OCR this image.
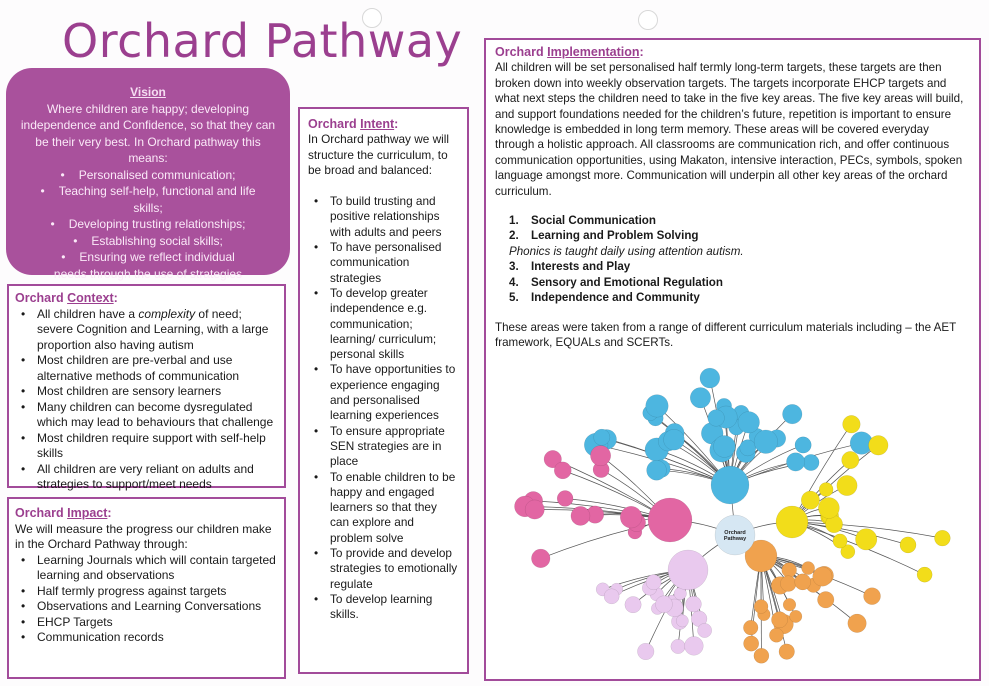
Orchard Pathway
Vision
Where children are happy; developing
independence and Confidence, so that they can
be their very best. In Orchard pathway this
means:
• Personalised communication;
• Teaching self-help, functional and life skills;
• Developing trusting relationships;
• Establishing social skills;
• Ensuring we reflect individual needs through the use of strategies
Orchard Context:
• All children have a complexity of need; severe Cognition and Learning, with a large proportion also having autism
• Most children are pre-verbal and use alternative methods of communication
• Most children are sensory learners
• Many children can become dysregulated which may lead to behaviours that challenge
• Most children require support with self-help skills
• All children are very reliant on adults and strategies to support/meet needs
Orchard Impact:
We will measure the progress our children make in the Orchard Pathway through:
• Learning Journals which will contain targeted learning and observations
• Half termly progress against targets
• Observations and Learning Conversations
• EHCP Targets
• Communication records
Orchard Intent:
In Orchard pathway we will structure the curriculum, to be broad and balanced:
• To build trusting and positive relationships with adults and peers
• To have personalised communication strategies
• To develop greater independence e.g. communication; learning/ curriculum; personal skills
• To have opportunities to experience engaging and personalised learning experiences
• To ensure appropriate SEN strategies are in place
• To enable children to be happy and engaged learners so that they can explore and problem solve
• To provide and develop strategies to emotionally regulate
• To develop learning skills.
Orchard Implementation:
All children will be set personalised half termly long-term targets, these targets are then broken down into weekly observation targets. The targets incorporate EHCP targets and what next steps the children need to take in the five key areas. The five key areas will build, and support foundations needed for the children’s future, repetition is important to ensure knowledge is embedded in long term memory. These areas will be covered everyday through a holistic approach. All classrooms are communication rich, and offer continuous communication opportunities, using Makaton, intensive interaction, PECs, symbols, spoken language amongst more. Communication will underpin all other key areas of the orchard curriculum.
1. Social Communication
2. Learning and Problem Solving
Phonics is taught daily using attention autism.
3. Interests and Play
4. Sensory and Emotional Regulation
5. Independence and Community
These areas were taken from a range of different curriculum materials including – the AET framework, EQUALs and SCERTs.
Orchard Pathway
